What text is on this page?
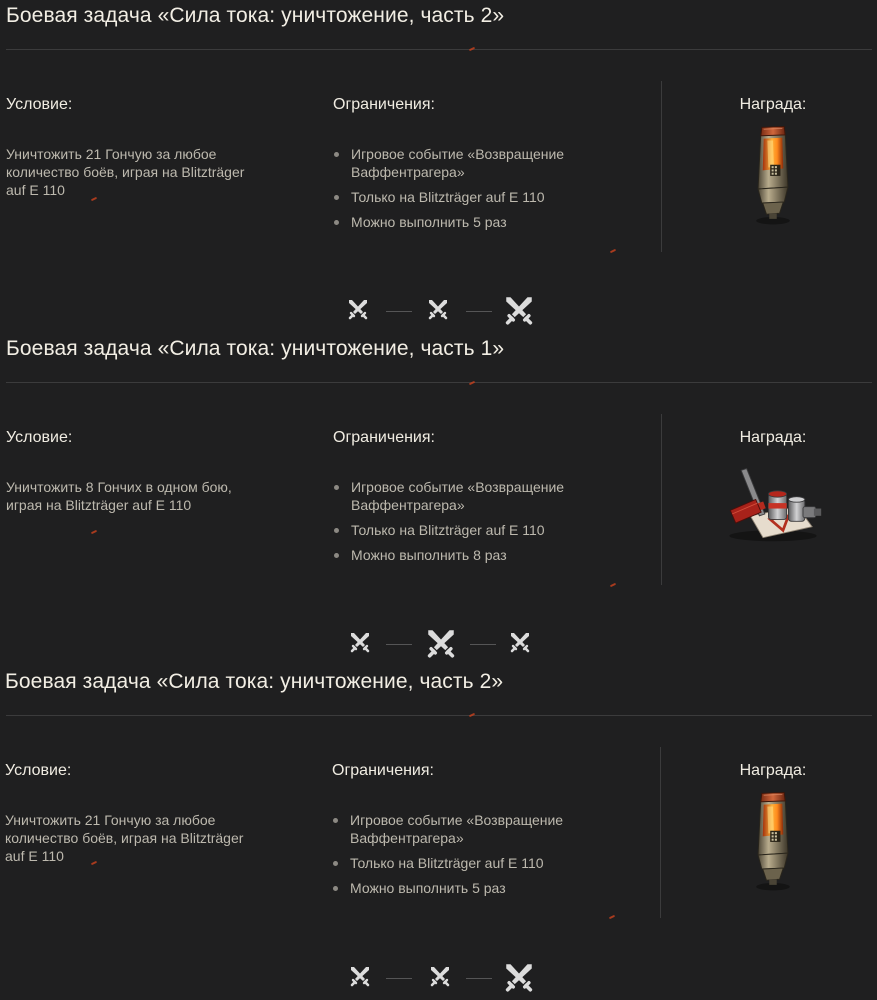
Боевая задача «Сила тока: уничтожение, часть 2»
Условие:
Уничтожить 21 Гончую за любое количество боёв, играя на Blitzträger auf E 110
Ограничения:
Игровое событие «Возвращение Ваффентрагера»
Только на Blitzträger auf E 110
Можно выполнить 5 раз
Награда:
Боевая задача «Сила тока: уничтожение, часть 1»
Условие:
Уничтожить 8 Гончих в одном бою, играя на Blitzträger auf E 110
Ограничения:
Игровое событие «Возвращение Ваффентрагера»
Только на Blitzträger auf E 110
Можно выполнить 8 раз
Награда:
Боевая задача «Сила тока: уничтожение, часть 2»
Условие:
Уничтожить 21 Гончую за любое количество боёв, играя на Blitzträger auf E 110
Ограничения:
Игровое событие «Возвращение Ваффентрагера»
Только на Blitzträger auf E 110
Можно выполнить 5 раз
Награда:
